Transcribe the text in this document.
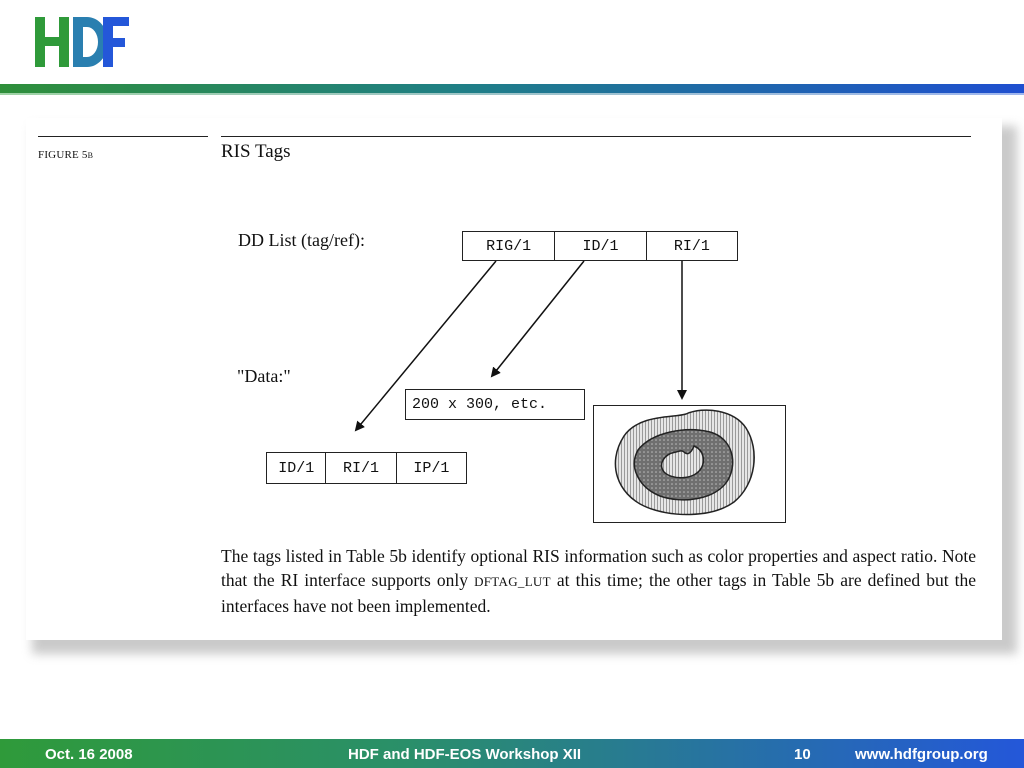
FIGURE 5b	RIS Tags
DD List (tag/ref):	RIG/1	ID/1	RI/1
"Data:"
200 x 300, etc.
ID/1	RI/1	IP/1
The tags listed in Table 5b identify optional RIS information such as color properties and aspect ratio. Note that the RI interface supports only DFTAG_LUT at this time; the other tags in Table 5b are defined but the interfaces have not been implemented.
Oct. 16 2008	HDF and HDF-EOS Workshop XII	10	www.hdfgroup.org
